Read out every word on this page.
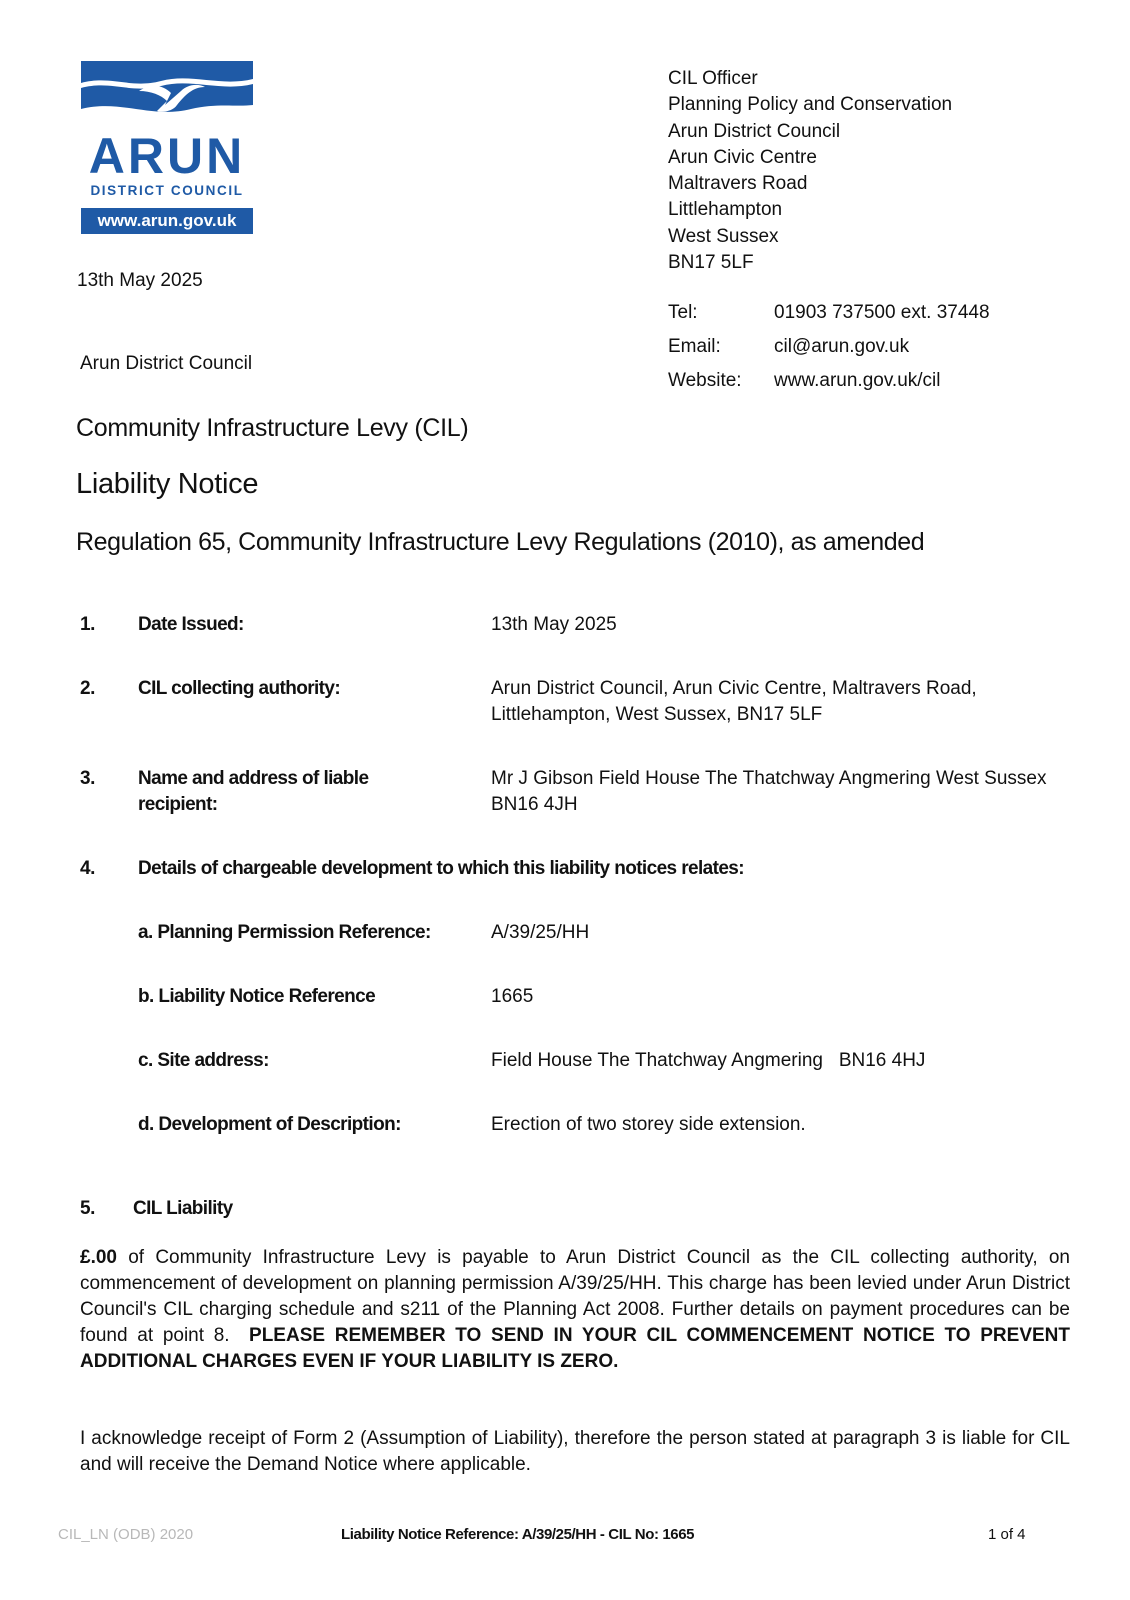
ARUN
DISTRICT COUNCIL
www.arun.gov.uk
CIL Officer
Planning Policy and Conservation
Arun District Council
Arun Civic Centre
Maltravers Road
Littlehampton
West Sussex
BN17 5LF
Tel:	01903 737500 ext. 37448
Email:	cil@arun.gov.uk
Website:	www.arun.gov.uk/cil
13th May 2025
Arun District Council
Community Infrastructure Levy (CIL)
Liability Notice
Regulation 65, Community Infrastructure Levy Regulations (2010), as amended
1. Date Issued:	13th May 2025
2. CIL collecting authority:	Arun District Council, Arun Civic Centre, Maltravers Road, Littlehampton, West Sussex, BN17 5LF
3. Name and address of liable recipient:
Mr J Gibson Field House The Thatchway Angmering West Sussex BN16 4JH
4. Details of chargeable development to which this liability notices relates:
a. Planning Permission Reference:	A/39/25/HH
b. Liability Notice Reference	1665
c. Site address:	Field House The Thatchway Angmering   BN16 4HJ
d. Development of Description:	Erection of two storey side extension.
5. CIL Liability
£.00 of Community Infrastructure Levy is payable to Arun District Council as the CIL collecting authority, on commencement of development on planning permission A/39/25/HH. This charge has been levied under Arun District Council's CIL charging schedule and s211 of the Planning Act 2008. Further details on payment procedures can be found at point 8.  PLEASE REMEMBER TO SEND IN YOUR CIL COMMENCEMENT NOTICE TO PREVENT ADDITIONAL CHARGES EVEN IF YOUR LIABILITY IS ZERO.
I acknowledge receipt of Form 2 (Assumption of Liability), therefore the person stated at paragraph 3 is liable for CIL and will receive the Demand Notice where applicable.
CIL_LN (ODB) 2020	Liability Notice Reference: A/39/25/HH - CIL No: 1665	1 of 4
